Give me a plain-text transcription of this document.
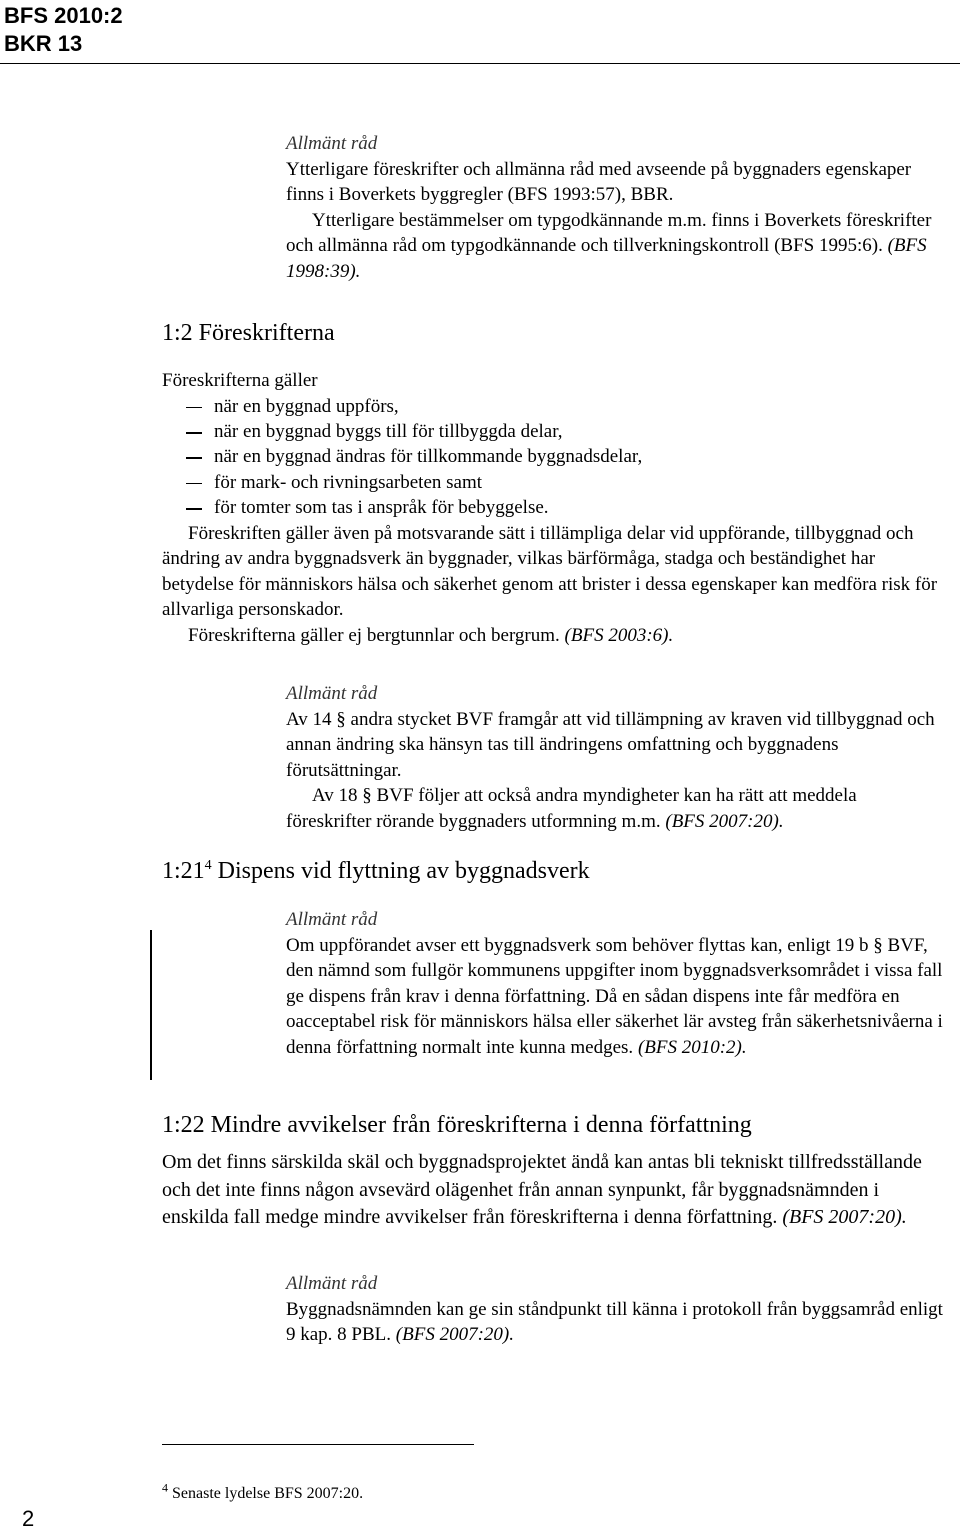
BFS 2010:2
BKR 13
Allmänt råd
Ytterligare föreskrifter och allmänna råd med avseende på byggnaders egenskaper finns i Boverkets byggregler (BFS 1993:57), BBR.
Ytterligare bestämmelser om typgodkännande m.m. finns i Boverkets föreskrifter och allmänna råd om typgodkännande och tillverkningskontroll (BFS 1995:6). (BFS 1998:39).
1:2 Föreskrifterna
Föreskrifterna gäller
när en byggnad uppförs,
när en byggnad byggs till för tillbyggda delar,
när en byggnad ändras för tillkommande byggnadsdelar,
för mark- och rivningsarbeten samt
för tomter som tas i anspråk för bebyggelse.
Föreskriften gäller även på motsvarande sätt i tillämpliga delar vid uppförande, tillbyggnad och ändring av andra byggnadsverk än byggnader, vilkas bärförmåga, stadga och beständighet har betydelse för människors hälsa och säkerhet genom att brister i dessa egenskaper kan medföra risk för allvarliga personskador.
Föreskrifterna gäller ej bergtunnlar och bergrum. (BFS 2003:6).
Allmänt råd
Av 14 § andra stycket BVF framgår att vid tillämpning av kraven vid tillbyggnad och annan ändring ska hänsyn tas till ändringens omfattning och byggnadens förutsättningar.
Av 18 § BVF följer att också andra myndigheter kan ha rätt att meddela föreskrifter rörande byggnaders utformning m.m. (BFS 2007:20).
$1:21^4$ Dispens vid flyttning av byggnadsverk
Allmänt råd
Om uppförandet avser ett byggnadsverk som behöver flyttas kan, enligt 19 b § BVF, den nämnd som fullgör kommunens uppgifter inom byggnadsverksområdet i vissa fall ge dispens från krav i denna författning. Då en sådan dispens inte får medföra en oacceptabel risk för människors hälsa eller säkerhet lär avsteg från säkerhetsnivåerna i denna författning normalt inte kunna medges. (BFS 2010:2).
1:22 Mindre avvikelser från föreskrifterna i denna författning
Om det finns särskilda skäl och byggnadsprojektet ändå kan antas bli tekniskt tillfredsställande och det inte finns någon avsevärd olägenhet från annan synpunkt, får byggnadsnämnden i enskilda fall medge mindre avvikelser från föreskrifterna i denna författning. (BFS 2007:20).
Allmänt råd
Byggnadsnämnden kan ge sin ståndpunkt till känna i protokoll från byggsamråd enligt 9 kap. 8 PBL. (BFS 2007:20).
$^4$ Senaste lydelse BFS 2007:20.
2
